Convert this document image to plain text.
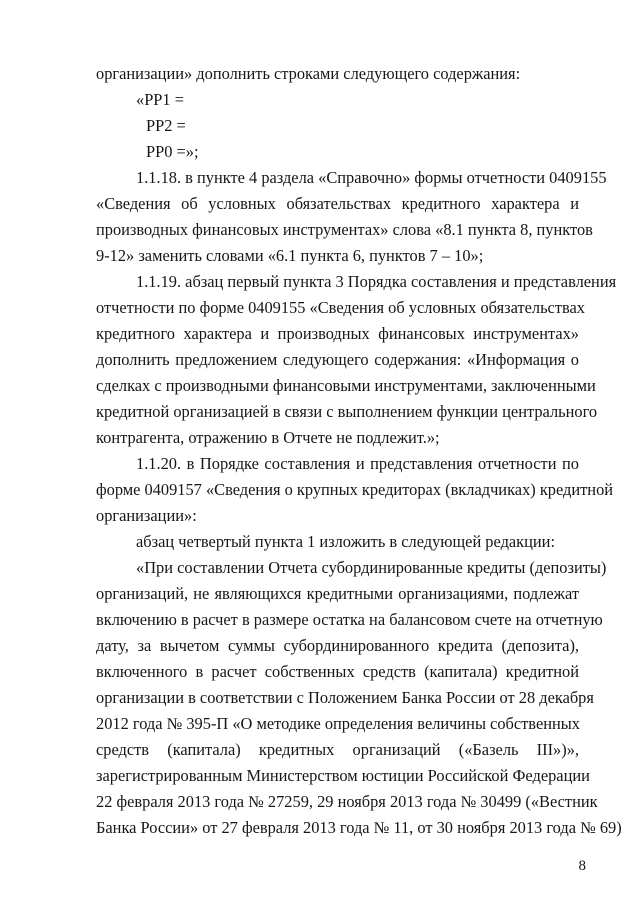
организации» дополнить строками следующего содержания:
«РР1 =
РР2 =
РР0 =»;
1.1.18. в пункте 4 раздела «Справочно» формы отчетности 0409155
«Сведения об условных обязательствах кредитного характера и
производных финансовых инструментах» слова «8.1 пункта 8, пунктов
9-12» заменить словами «6.1 пункта 6, пунктов 7 – 10»;
1.1.19. абзац первый пункта 3 Порядка составления и представления
отчетности по форме 0409155 «Сведения об условных обязательствах
кредитного характера и производных финансовых инструментах»
дополнить предложением следующего содержания: «Информация о
сделках с производными финансовыми инструментами, заключенными
кредитной организацией в связи с выполнением функции центрального
контрагента, отражению в Отчете не подлежит.»;
1.1.20. в Порядке составления и представления отчетности по
форме 0409157 «Сведения о крупных кредиторах (вкладчиках) кредитной
организации»:
абзац четвертый пункта 1 изложить в следующей редакции:
«При составлении Отчета субординированные кредиты (депозиты)
организаций, не являющихся кредитными организациями, подлежат
включению в расчет в размере остатка на балансовом счете на отчетную
дату, за вычетом суммы субординированного кредита (депозита),
включенного в расчет собственных средств (капитала) кредитной
организации в соответствии с Положением Банка России от 28 декабря
2012 года № 395-П «О методике определения величины собственных
средств (капитала) кредитных организаций («Базель III»)»,
зарегистрированным Министерством юстиции Российской Федерации
22 февраля 2013 года № 27259, 29 ноября 2013 года № 30499 («Вестник
Банка России» от 27 февраля 2013 года № 11, от 30 ноября 2013 года № 69)
8
